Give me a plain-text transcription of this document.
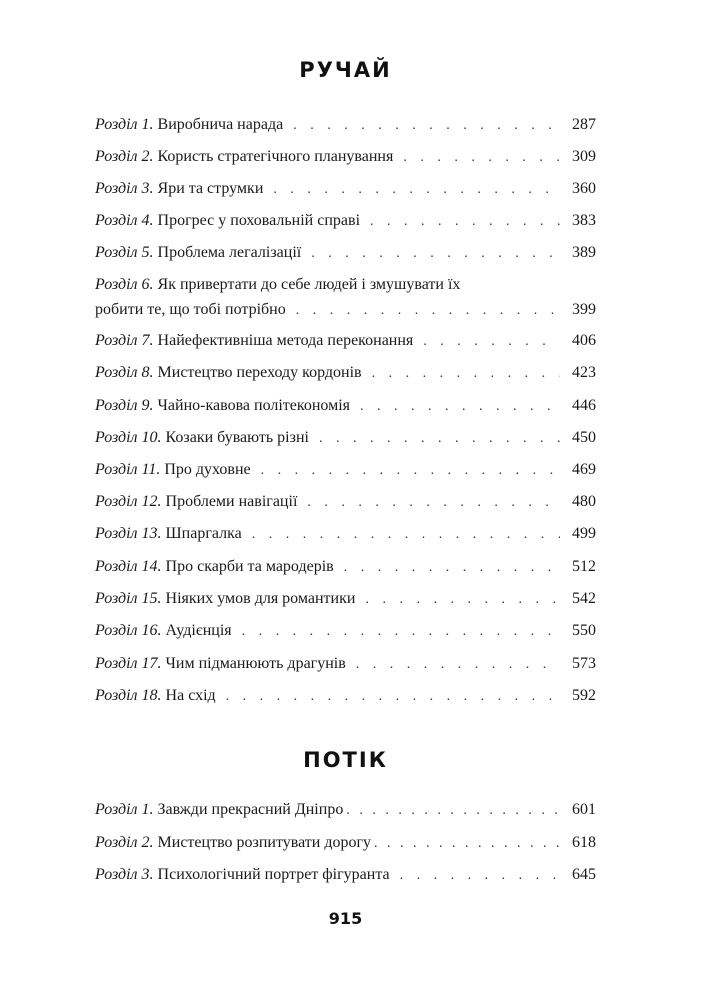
РУЧАЙ
Розділ 1. Виробнича нарада . . .	287
Розділ 2. Користь стратегічного планування . . .	309
Розділ 3. Яри та струмки . . .	360
Розділ 4. Прогрес у поховальній справі . . .	383
Розділ 5. Проблема легалізації . . .	389
Розділ 6. Як привертати до себе людей і змушувати їх
робити те, що тобі потрібно . . .	399
Розділ 7. Найефективніша метода переконання . . .	406
Розділ 8. Мистецтво переходу кордонів . . .	423
Розділ 9. Чайно-кавова політекономія . . .	446
Розділ 10. Козаки бувають різні . . .	450
Розділ 11. Про духовне . . .	469
Розділ 12. Проблеми навігації . . .	480
Розділ 13. Шпаргалка . . .	499
Розділ 14. Про скарби та мародерів . . .	512
Розділ 15. Ніяких умов для романтики . . .	542
Розділ 16. Аудієнція . . .	550
Розділ 17. Чим підманюють драгунів . . .	573
Розділ 18. На схід . . .	592
ПОТІК
Розділ 1. Завжди прекрасний Дніпро . . .	601
Розділ 2. Мистецтво розпитувати дорогу . . .	618
Розділ 3. Психологічний портрет фігуранта . . .	645
915
